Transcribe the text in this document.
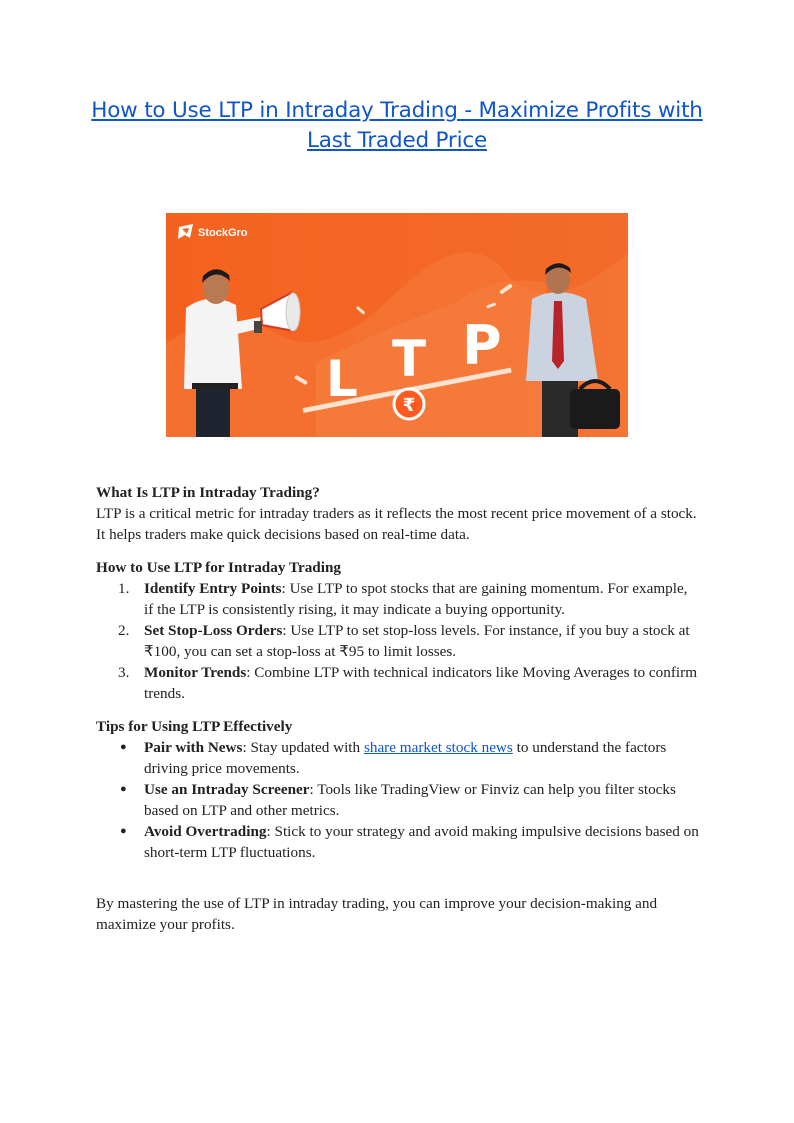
How to Use LTP in Intraday Trading - Maximize Profits with
Last Traded Price
StockGro
₹
L T P
What Is LTP in Intraday Trading?

LTP is a critical metric for intraday traders as it reflects the most recent price movement of a stock. It helps traders make quick decisions based on real-time data.

How to Use LTP for Intraday Trading
1. Identify Entry Points: Use LTP to spot stocks that are gaining momentum. For example, if the LTP is consistently rising, it may indicate a buying opportunity.
2. Set Stop-Loss Orders: Use LTP to set stop-loss levels. For instance, if you buy a stock at ₹100, you can set a stop-loss at ₹95 to limit losses.
3. Monitor Trends: Combine LTP with technical indicators like Moving Averages to confirm trends.
Tips for Using LTP Effectively
● Pair with News: Stay updated with share market stock news to understand the factors driving price movements.
● Use an Intraday Screener: Tools like TradingView or Finviz can help you filter stocks based on LTP and other metrics.
● Avoid Overtrading: Stick to your strategy and avoid making impulsive decisions based on short-term LTP fluctuations.

By mastering the use of LTP in intraday trading, you can improve your decision-making and maximize your profits.
